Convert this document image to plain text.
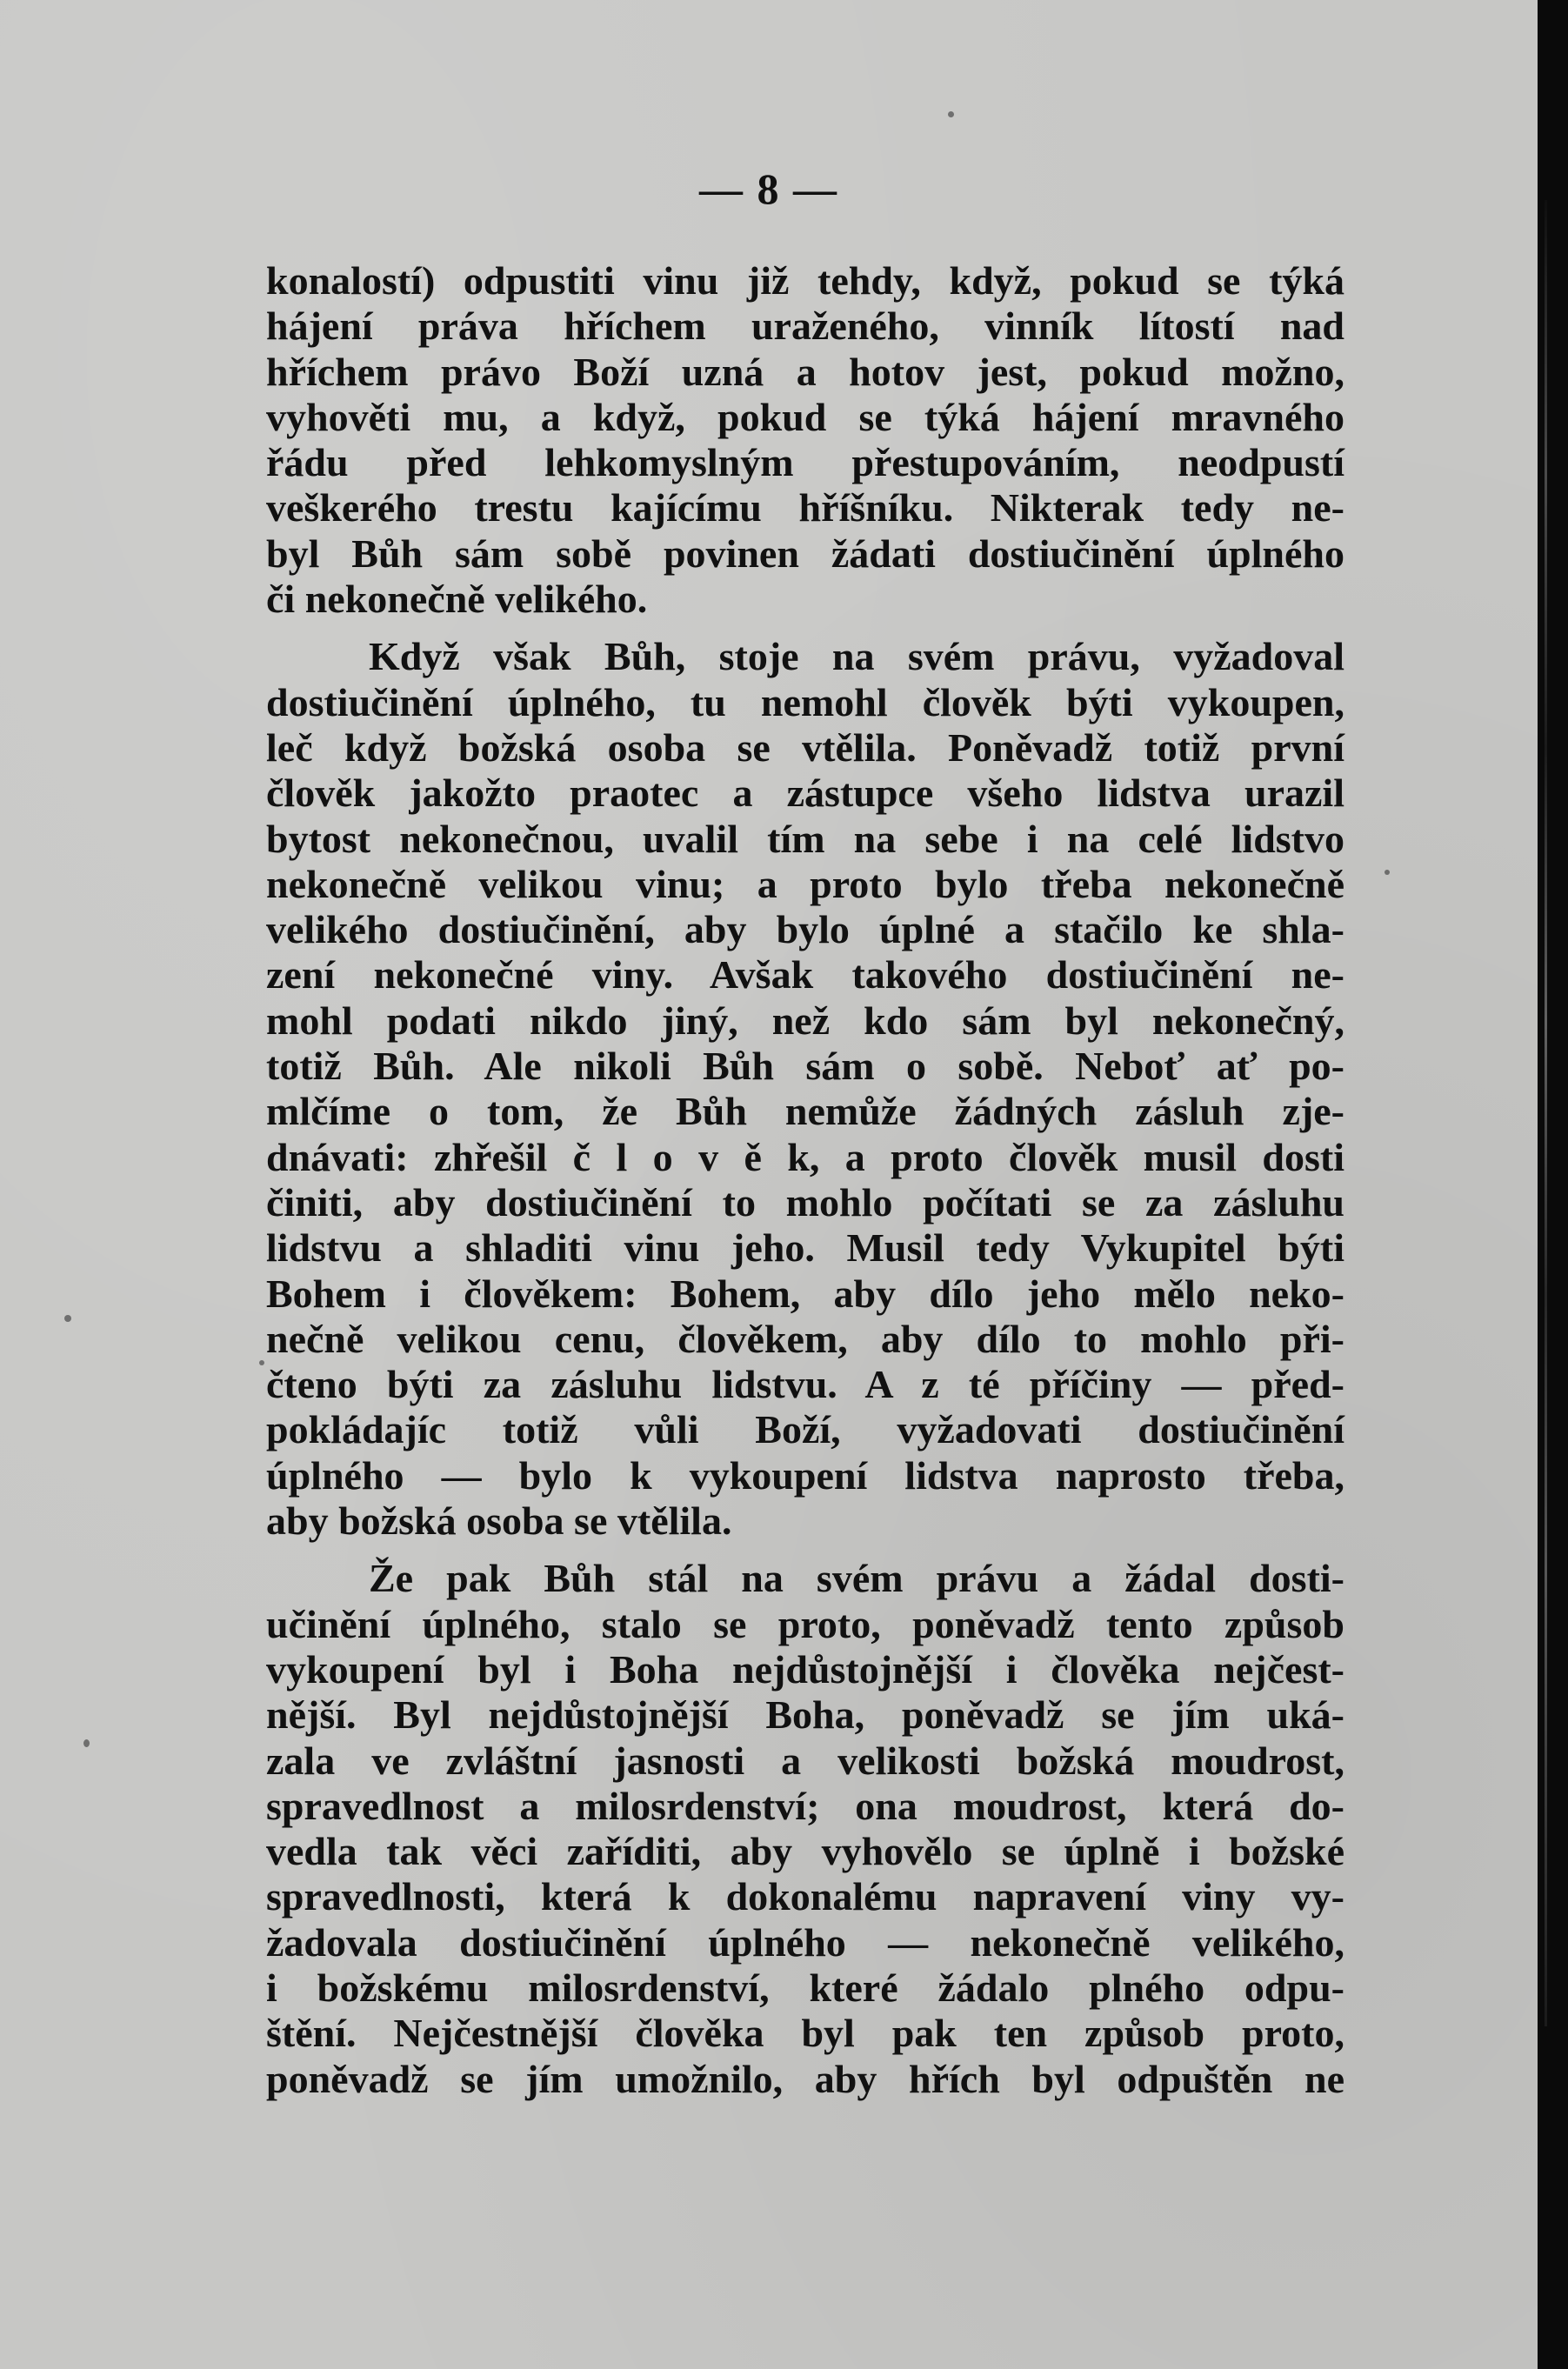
— 8 —
konalostí) odpustiti vinu již tehdy, když, pokud se týká
hájení práva hříchem uraženého, vinník lítostí nad
hříchem právo Boží uzná a hotov jest, pokud možno,
vyhověti mu, a když, pokud se týká hájení mravného
řádu před lehkomyslným přestupováním, neodpustí
veškerého trestu kajícímu hříšníku. Nikterak tedy ne-
byl Bůh sám sobě povinen žádati dostiučinění úplného
či nekonečně velikého.
Když však Bůh, stoje na svém právu, vyžadoval
dostiučinění úplného, tu nemohl člověk býti vykoupen,
leč když božská osoba se vtělila. Poněvadž totiž první
člověk jakožto praotec a zástupce všeho lidstva urazil
bytost nekonečnou, uvalil tím na sebe i na celé lidstvo
nekonečně velikou vinu; a proto bylo třeba nekonečně
velikého dostiučinění, aby bylo úplné a stačilo ke shla-
zení nekonečné viny. Avšak takového dostiučinění ne-
mohl podati nikdo jiný, než kdo sám byl nekonečný,
totiž Bůh. Ale nikoli Bůh sám o sobě. Neboť ať po-
mlčíme o tom, že Bůh nemůže žádných zásluh zje-
dnávati: zhřešil č l o v ě k, a proto člověk musil dosti
činiti, aby dostiučinění to mohlo počítati se za zásluhu
lidstvu a shladiti vinu jeho. Musil tedy Vykupitel býti
Bohem i člověkem: Bohem, aby dílo jeho mělo neko-
nečně velikou cenu, člověkem, aby dílo to mohlo při-
čteno býti za zásluhu lidstvu. A z té příčiny — před-
pokládajíc totiž vůli Boží, vyžadovati dostiučinění
úplného — bylo k vykoupení lidstva naprosto třeba,
aby božská osoba se vtělila.
Že pak Bůh stál na svém právu a žádal dosti-
učinění úplného, stalo se proto, poněvadž tento způsob
vykoupení byl i Boha nejdůstojnější i člověka nejčest-
nější. Byl nejdůstojnější Boha, poněvadž se jím uká-
zala ve zvláštní jasnosti a velikosti božská moudrost,
spravedlnost a milosrdenství; ona moudrost, která do-
vedla tak věci zaříditi, aby vyhovělo se úplně i božské
spravedlnosti, která k dokonalému napravení viny vy-
žadovala dostiučinění úplného — nekonečně velikého,
i božskému milosrdenství, které žádalo plného odpu-
štění. Nejčestnější člověka byl pak ten způsob proto,
poněvadž se jím umožnilo, aby hřích byl odpuštěn ne
